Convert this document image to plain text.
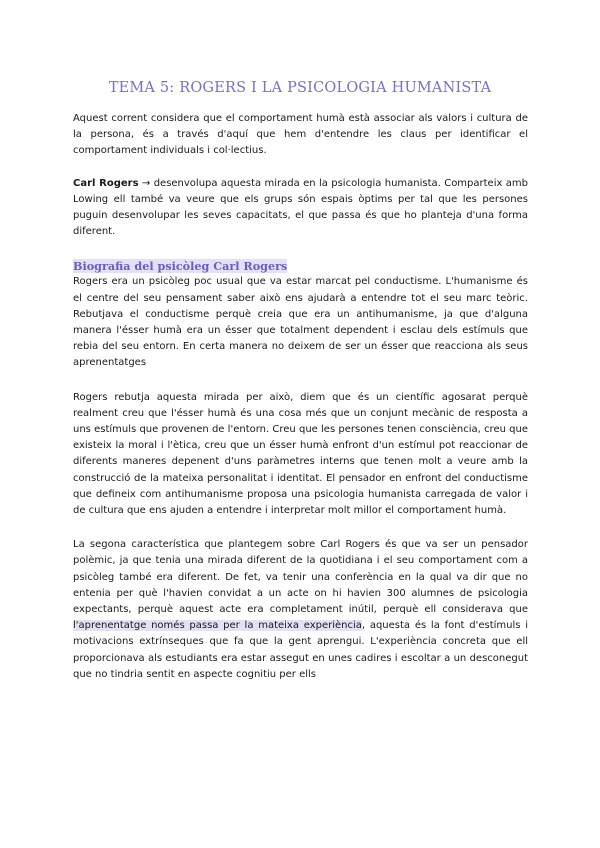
TEMA 5: ROGERS I LA PSICOLOGIA HUMANISTA

Aquest corrent considera que el comportament humà està associar als valors i cultura de la persona, és a través d'aquí que hem d'entendre les claus per identificar el comportament individuals i col·lectius.

Carl Rogers → desenvolupa aquesta mirada en la psicologia humanista. Comparteix amb Lowing ell també va veure que els grups són espais òptims per tal que les persones puguin desenvolupar les seves capacitats, el que passa és que ho planteja d'una forma diferent.

Biografia del psicòleg Carl Rogers

Rogers era un psicòleg poc usual que va estar marcat pel conductisme. L'humanisme és el centre del seu pensament saber això ens ajudarà a entendre tot el seu marc teòric. Rebutjava el conductisme perquè creia que era un antihumanisme, ja que d'alguna manera l'ésser humà era un ésser que totalment dependent i esclau dels estímuls que rebia del seu entorn. En certa manera no deixem de ser un ésser que reacciona als seus aprenentatges

Rogers rebutja aquesta mirada per això, diem que és un científic agosarat perquè realment creu que l'ésser humà és una cosa més que un conjunt mecànic de resposta a uns estímuls que provenen de l'entorn. Creu que les persones tenen consciència, creu que existeix la moral i l'ètica, creu que un ésser humà enfront d'un estímul pot reaccionar de diferents maneres depenent d'uns paràmetres interns que tenen molt a veure amb la construcció de la mateixa personalitat i identitat. El pensador en enfront del conductisme que defineix com antihumanisme proposa una psicologia humanista carregada de valor i de cultura que ens ajuden a entendre i interpretar molt millor el comportament humà.

La segona característica que plantegem sobre Carl Rogers és que va ser un pensador polèmic, ja que tenia una mirada diferent de la quotidiana i el seu comportament com a psicòleg també era diferent. De fet, va tenir una conferència en la qual va dir que no entenia per què l'havien convidat a un acte on hi havien 300 alumnes de psicologia expectants, perquè aquest acte era completament inútil, perquè ell considerava que l'aprenentatge només passa per la mateixa experiència, aquesta és la font d'estímuls i motivacions extrínseques que fa que la gent aprengui. L'experiència concreta que ell proporcionava als estudiants era estar assegut en unes cadires i escoltar a un desconegut que no tindria sentit en aspecte cognitiu per ells
